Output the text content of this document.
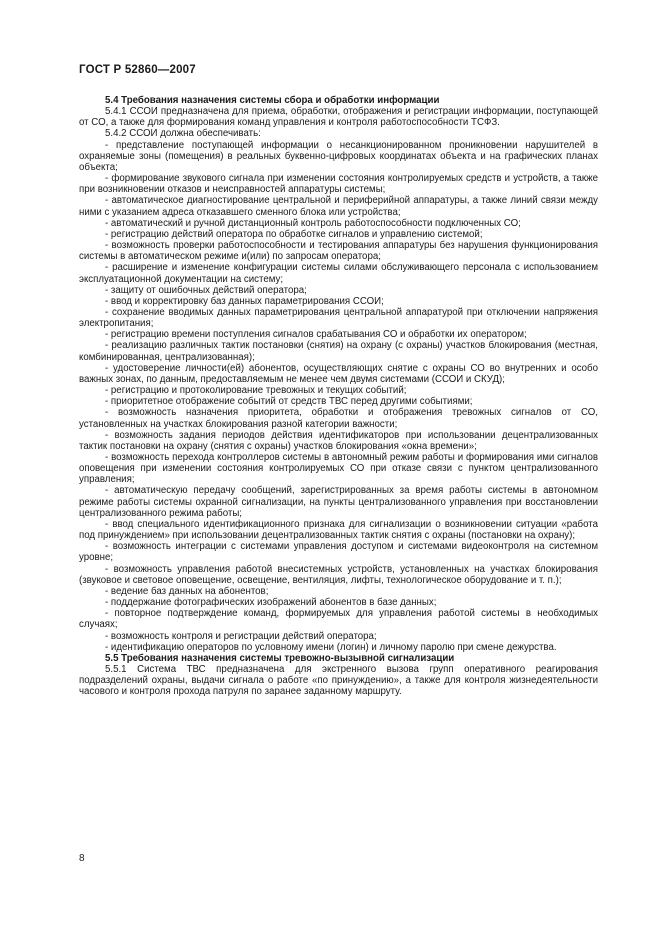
ГОСТ Р 52860—2007

5.4 Требования назначения системы сбора и обработки информации

5.4.1 ССОИ предназначена для приема, обработки, отображения и регистрации информации, поступающей от СО, а также для формирования команд управления и контроля работоспособности ТСФЗ.

5.4.2 ССОИ должна обеспечивать:

- представление поступающей информации о несанкционированном проникновении нарушителей в охраняемые зоны (помещения) в реальных буквенно-цифровых координатах объекта и на графических планах объекта;

- формирование звукового сигнала при изменении состояния контролируемых средств и устройств, а также при возникновении отказов и неисправностей аппаратуры системы;

- автоматическое диагностирование центральной и периферийной аппаратуры, а также линий связи между ними с указанием адреса отказавшего сменного блока или устройства;

- автоматический и ручной дистанционный контроль работоспособности подключенных СО;

- регистрацию действий оператора по обработке сигналов и управлению системой;

- возможность проверки работоспособности и тестирования аппаратуры без нарушения функционирования системы в автоматическом режиме и(или) по запросам оператора;

- расширение и изменение конфигурации системы силами обслуживающего персонала с использованием эксплуатационной документации на систему;

- защиту от ошибочных действий оператора;

- ввод и корректировку баз данных параметрирования ССОИ;

- сохранение вводимых данных параметрирования центральной аппаратурой при отключении напряжения электропитания;

- регистрацию времени поступления сигналов срабатывания СО и обработки их оператором;

- реализацию различных тактик постановки (снятия) на охрану (с охраны) участков блокирования (местная, комбинированная, централизованная);

- удостоверение личности(ей) абонентов, осуществляющих снятие с охраны СО во внутренних и особо важных зонах, по данным, предоставляемым не менее чем двумя системами (ССОИ и СКУД);

- регистрацию и протоколирование тревожных и текущих событий;

- приоритетное отображение событий от средств ТВС перед другими событиями;

- возможность назначения приоритета, обработки и отображения тревожных сигналов от СО, установленных на участках блокирования разной категории важности;

- возможность задания периодов действия идентификаторов при использовании децентрализованных тактик постановки на охрану (снятия с охраны) участков блокирования «окна времени»;

- возможность перехода контроллеров системы в автономный режим работы и формирования ими сигналов оповещения при изменении состояния контролируемых СО при отказе связи с пунктом централизованного управления;

- автоматическую передачу сообщений, зарегистрированных за время работы системы в автономном режиме работы системы охранной сигнализации, на пункты централизованного управления при восстановлении централизованного режима работы;

- ввод специального идентификационного признака для сигнализации о возникновении ситуации «работа под принуждением» при использовании децентрализованных тактик снятия с охраны (постановки на охрану);

- возможность интеграции с системами управления доступом и системами видеоконтроля на системном уровне;

- возможность управления работой внесистемных устройств, установленных на участках блокирования (звуковое и световое оповещение, освещение, вентиляция, лифты, технологическое оборудование и т. п.);

- ведение баз данных на абонентов;

- поддержание фотографических изображений абонентов в базе данных;

- повторное подтверждение команд, формируемых для управления работой системы в необходимых случаях;

- возможность контроля и регистрации действий оператора;

- идентификацию операторов по условному имени (логин) и личному паролю при смене дежурства.

5.5 Требования назначения системы тревожно-вызывной сигнализации

5.5.1 Система ТВС предназначена для экстренного вызова групп оперативного реагирования подразделений охраны, выдачи сигнала о работе «по принуждению», а также для контроля жизнедеятельности часового и контроля прохода патруля по заранее заданному маршруту.

8
